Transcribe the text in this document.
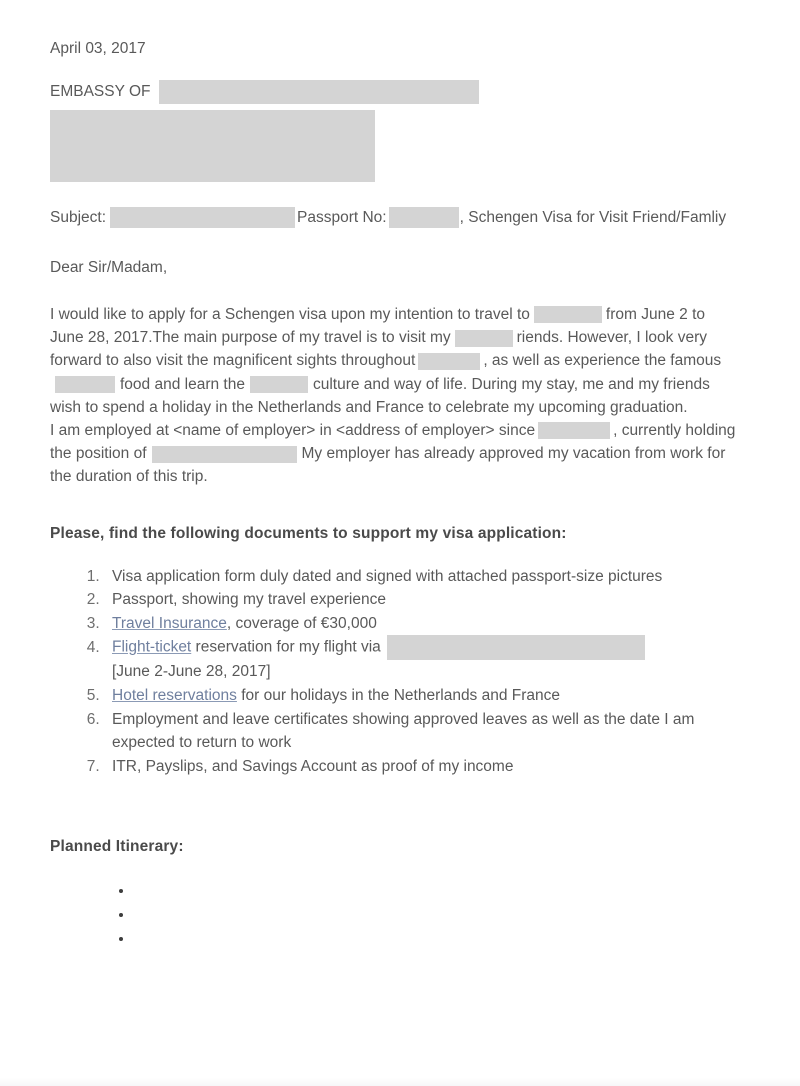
April 03, 2017
EMBASSY OF
Subject:	Passport No:	, Schengen Visa for Visit Friend/Famliy
Dear Sir/Madam,
I would like to apply for a Schengen visa upon my intention to travel to	from June 2 to June 28, 2017.The main purpose of my travel is to visit my	riends. However, I look very forward to also visit the magnificent sights throughout	, as well as experience the famousfood and learn the	culture and way of life. During my stay, me and my friends wish to spend a holiday in the Netherlands and France to celebrate my upcoming graduation.
I am employed at <name of employer> in <address of employer> since	, currently holding the position of	My employer has already approved my vacation from work for the duration of this trip.
Please, find the following documents to support my visa application:
1. Visa application form duly dated and signed with attached passport-size pictures
2. Passport, showing my travel experience
3. Travel Insurance, coverage of €30,000
4. Flight-ticket reservation for my flight via
[June 2-June 28, 2017]
5. Hotel reservations for our holidays in the Netherlands and France
6. Employment and leave certificates showing approved leaves as well as the date I am expected to return to work
7. ITR, Payslips, and Savings Account as proof of my income
Planned Itinerary:
•
•
•
